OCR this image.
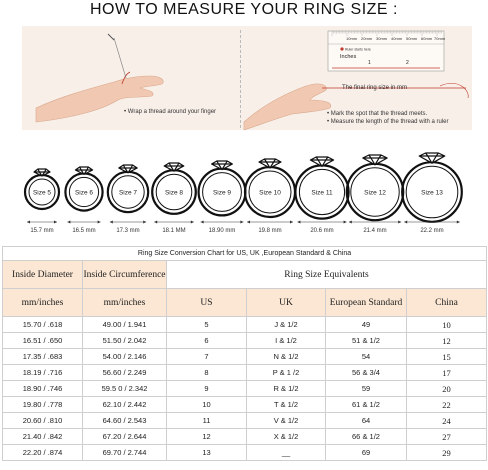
HOW TO MEASURE YOUR RING SIZE :
10mm 20mm 30mm 40mm 50mm 60mm 70mm
Ruler starts here
Inches
1	2
The final ring size in mm
• Wrap a thread around your finger	• Mark the spot that the thread meets.
• Measure the length of the thread with a ruler
Size 5
15.7 mm
Size 6
16.5 mm
Size 7
17.3 mm
Size 8
18.1 MM
Size 9
18.90 mm
Size 10
19.8 mm
Size 11
20.6 mm
Size 12
21.4 mm
Size 13
22.2 mm
Ring Size Conversion Chart for US, UK ,European Standard & China					
Inside Diameter	Inside Circumference	Ring Size Equivalents			
mm/inches	mm/inches	US	UK	European Standard	China
15.70 / .618	49.00 / 1.941	5	J & 1/2	49	10
16.51 / .650	51.50 / 2.042	6	I & 1/2	51 & 1/2	12
17.35 / .683	54.00 / 2.146	7	N & 1/2	54	15
18.19 / .716	56.60 / 2.249	8	P & 1 /2	56 & 3/4	17
18.90 / .746	59.5 0 / 2.342	9	R & 1/2	59	20
19.80 / .778	62.10 / 2.442	10	T & 1/2	61 & 1/2	22
20.60 / .810	64.60 / 2.543	11	V & 1/2	64	24
21.40 / .842	67.20 / 2.644	12	X & 1/2	66 & 1/2	27
22.20 / .874	69.70 / 2.744	13	__	69	29
